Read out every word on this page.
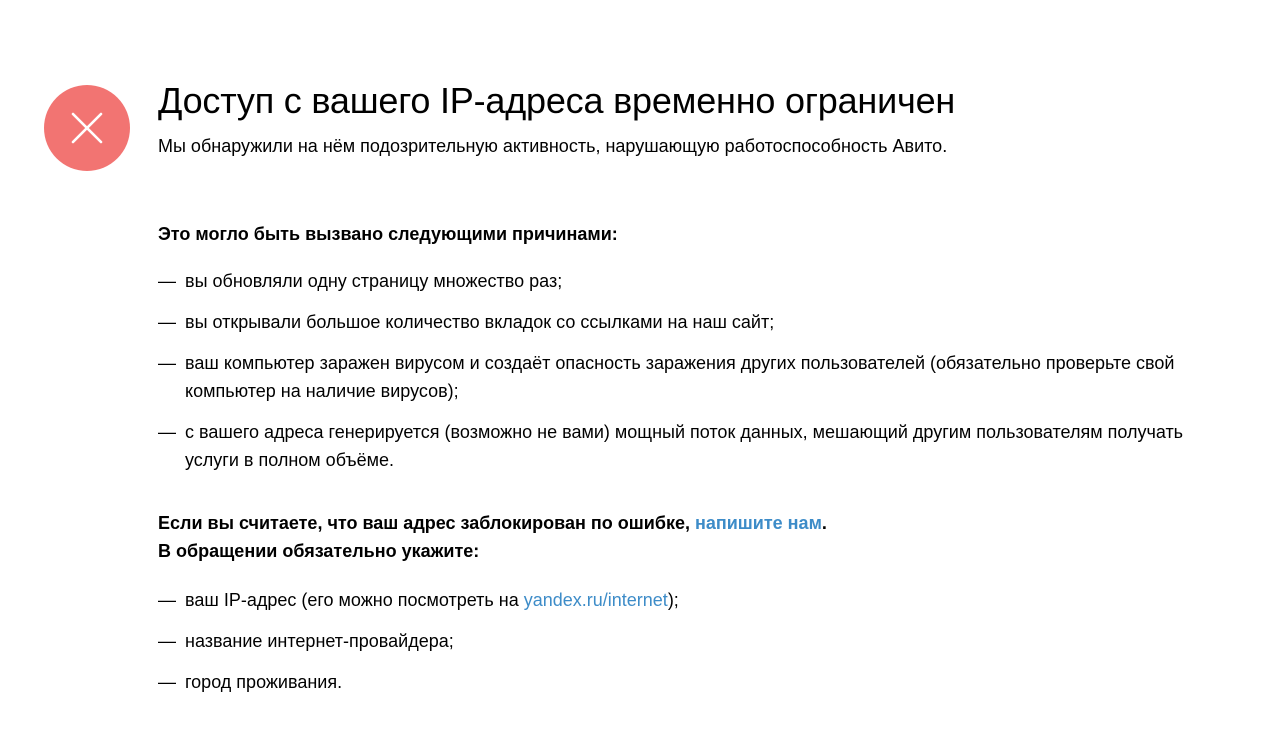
Доступ с вашего IP-адреса временно ограничен

Мы обнаружили на нём подозрительную активность, нарушающую работоспособность Авито.

Это могло быть вызвано следующими причинами:

— вы обновляли одну страницу множество раз;
— вы открывали большое количество вкладок со ссылками на наш сайт;
— ваш компьютер заражен вирусом и создаёт опасность заражения других пользователей (обязательно проверьте свой компьютер на наличие вирусов);
— с вашего адреса генерируется (возможно не вами) мощный поток данных, мешающий другим пользователям получать услуги в полном объёме.

Если вы считаете, что ваш адрес заблокирован по ошибке, напишите нам.

В обращении обязательно укажите:

— ваш IP-адрес (его можно посмотреть на yandex.ru/internet);
— название интернет-провайдера;
— город проживания.
